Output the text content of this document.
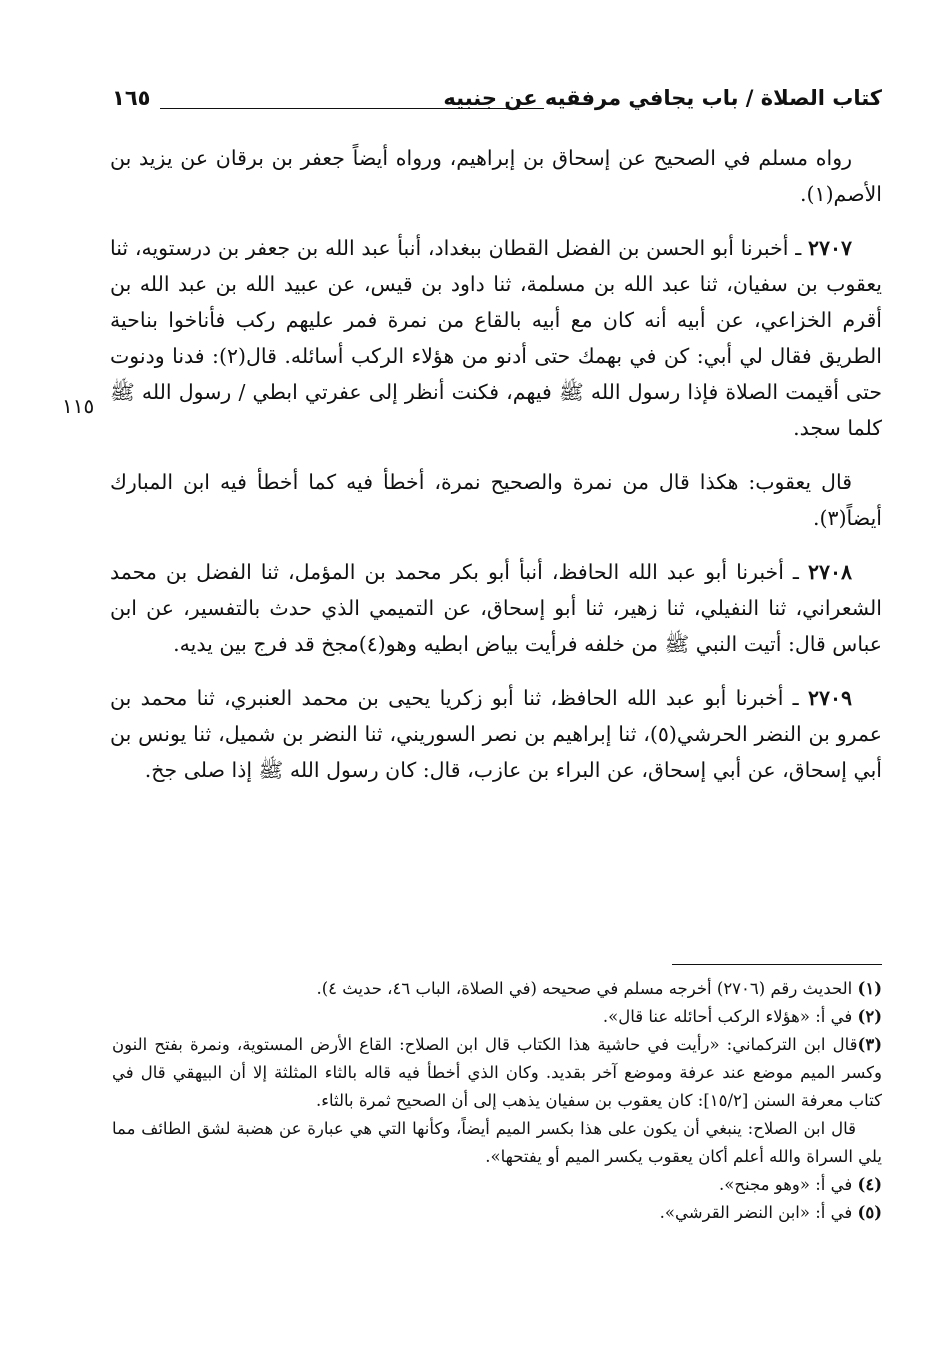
كتاب الصلاة / باب يجافي مرفقيه عن جنبيه
١٦٥
١١٥

رواه مسلم في الصحيح عن إسحاق بن إبراهيم، ورواه أيضاً جعفر بن برقان عن يزيد بن الأصم(١).

٢٧٠٧ ـ أخبرنا أبو الحسن بن الفضل القطان ببغداد، أنبأ عبد الله بن جعفر بن درستويه، ثنا يعقوب بن سفيان، ثنا عبد الله بن مسلمة، ثنا داود بن قيس، عن عبيد الله بن عبد الله بن أقرم الخزاعي، عن أبيه أنه كان مع أبيه بالقاع من نمرة فمر عليهم ركب فأناخوا بناحية الطريق فقال لي أبي: كن في بهمك حتى أدنو من هؤلاء الركب أسائله. قال(٢): فدنا ودنوت حتى أقيمت الصلاة فإذا رسول الله ﷺ فيهم، فكنت أنظر إلى عفرتي ابطي / رسول الله ﷺ كلما سجد.

قال يعقوب: هكذا قال من نمرة والصحيح نمرة، أخطأ فيه كما أخطأ فيه ابن المبارك أيضاً(٣).

٢٧٠٨ ـ أخبرنا أبو عبد الله الحافظ، أنبأ أبو بكر محمد بن المؤمل، ثنا الفضل بن محمد الشعراني، ثنا النفيلي، ثنا زهير، ثنا أبو إسحاق، عن التميمي الذي حدث بالتفسير، عن ابن عباس قال: أتيت النبي ﷺ من خلفه فرأيت بياض ابطيه وهو(٤)مجخ قد فرج بين يديه.

٢٧٠٩ ـ أخبرنا أبو عبد الله الحافظ، ثنا أبو زكريا يحيى بن محمد العنبري، ثنا محمد بن عمرو بن النضر الحرشي(٥)، ثنا إبراهيم بن نصر السوريني، ثنا النضر بن شميل، ثنا يونس بن أبي إسحاق، عن أبي إسحاق، عن البراء بن عازب، قال: كان رسول الله ﷺ إذا صلى جخ.

(١) الحديث رقم (٢٧٠٦) أخرجه مسلم في صحيحه (في الصلاة، الباب ٤٦، حديث ٤).

(٢) في أ: «هؤلاء الركب أحائله عنا قال».

(٣)قال ابن التركماني: «رأيت في حاشية هذا الكتاب قال ابن الصلاح: القاع الأرض المستوية، ونمرة بفتح النون وكسر الميم موضع عند عرفة وموضع آخر بقديد. وكان الذي أخطأ فيه قاله بالثاء المثلثة إلا أن البيهقي قال في كتاب معرفة السنن [١٥/٢]: كان يعقوب بن سفيان يذهب إلى أن الصحيح ثمرة بالثاء.

قال ابن الصلاح: ينبغي أن يكون على هذا بكسر الميم أيضاً، وكأنها التي هي عبارة عن هضبة لشق الطائف مما يلي السراة والله أعلم أكان يعقوب يكسر الميم أو يفتحها».

(٤) في أ: «وهو مجنح».

(٥) في أ: «ابن النضر القرشي».
